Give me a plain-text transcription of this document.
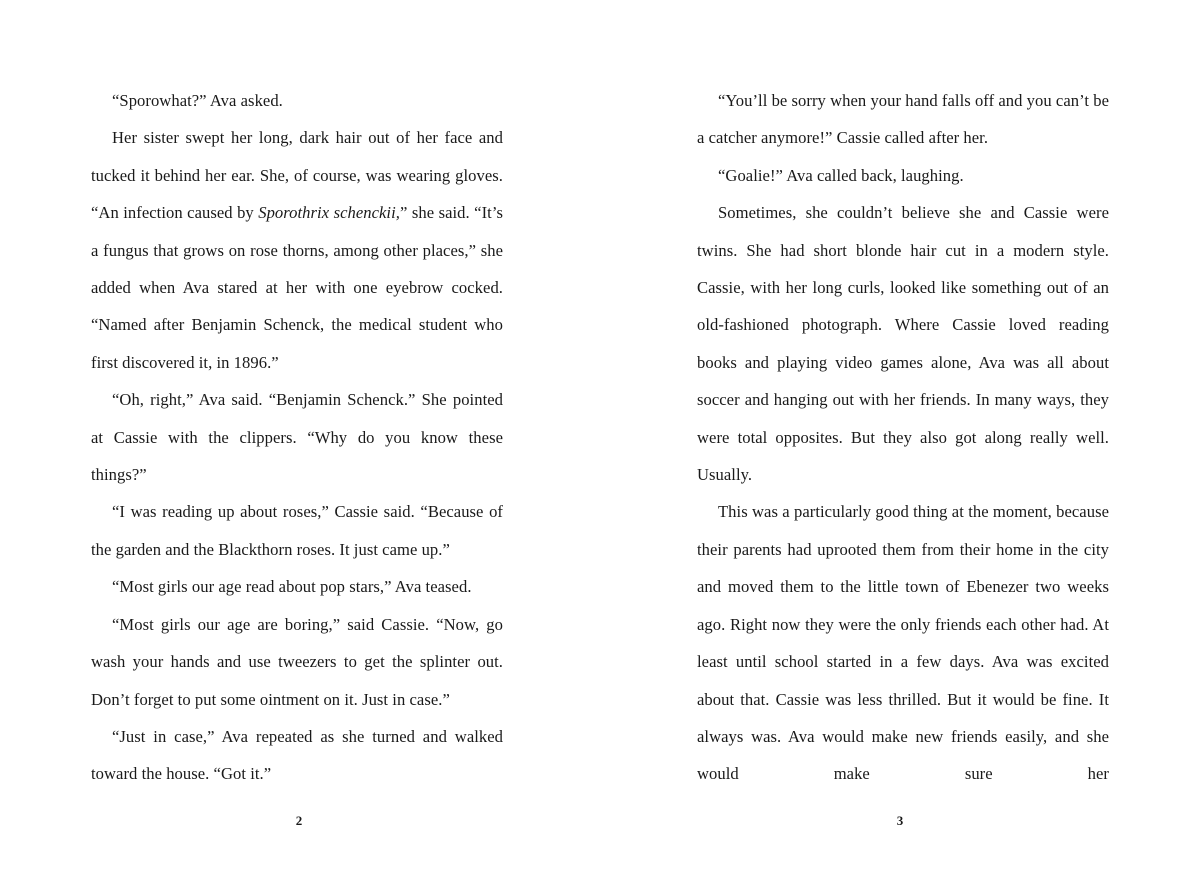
“Sporowhat?” Ava asked.

Her sister swept her long, dark hair out of her face and tucked it behind her ear. She, of course, was wearing gloves. “An infection caused by Sporothrix schenckii,” she said. “It’s a fungus that grows on rose thorns, among other places,” she added when Ava stared at her with one eyebrow cocked. “Named after Benjamin Schenck, the medical student who first discovered it, in 1896.”

“Oh, right,” Ava said. “Benjamin Schenck.” She pointed at Cassie with the clippers. “Why do you know these things?”

“I was reading up about roses,” Cassie said. “Because of the garden and the Blackthorn roses. It just came up.”

“Most girls our age read about pop stars,” Ava teased.

“Most girls our age are boring,” said Cassie. “Now, go wash your hands and use tweezers to get the splinter out. Don’t forget to put some ointment on it. Just in case.”

“Just in case,” Ava repeated as she turned and walked toward the house. “Got it.”

“You’ll be sorry when your hand falls off and you can’t be a catcher anymore!” Cassie called after her.

“Goalie!” Ava called back, laughing.

Sometimes, she couldn’t believe she and Cassie were twins. She had short blonde hair cut in a modern style. Cassie, with her long curls, looked like something out of an old-fashioned photograph. Where Cassie loved reading books and playing video games alone, Ava was all about soccer and hanging out with her friends. In many ways, they were total opposites. But they also got along really well. Usually.

This was a particularly good thing at the moment, because their parents had uprooted them from their home in the city and moved them to the little town of Ebenezer two weeks ago. Right now they were the only friends each other had. At least until school started in a few days. Ava was excited about that. Cassie was less thrilled. But it would be fine. It always was. Ava would make new friends easily, and she would make sure her

2	3
